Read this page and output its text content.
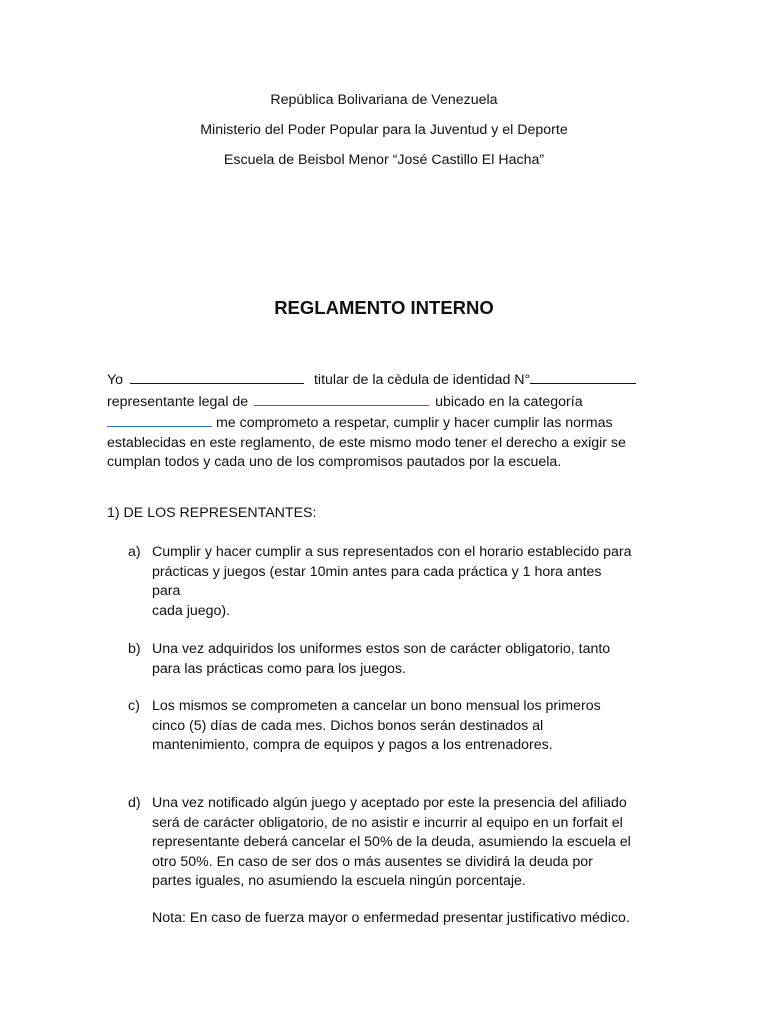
República Bolivariana de Venezuela
Ministerio del Poder Popular para la Juventud y el Deporte
Escuela de Beisbol Menor “José Castillo El Hacha”
REGLAMENTO INTERNO

Yo	titular de la cèdula de identidad N°

representante legal de	ubicado en la categoría

me comprometo a respetar, cumplir y hacer cumplir las normas

establecidas en este reglamento, de este mismo modo tener el derecho a exigir se

cumplan todos y cada uno de los compromisos pautados por la escuela.

1) DE LOS REPRESENTANTES:
a) Cumplir y hacer cumplir a sus representados con el horario establecido para
prácticas y juegos (estar 10min antes para cada práctica y 1 hora antes
para
cada juego).
b) Una vez adquiridos los uniformes estos son de carácter obligatorio, tanto
para las prácticas como para los juegos.
c) Los mismos se comprometen a cancelar un bono mensual los primeros
cinco (5) días de cada mes. Dichos bonos serán destinados al
mantenimiento, compra de equipos y pagos a los entrenadores.
d) Una vez notificado algún juego y aceptado por este la presencia del afiliado
será de carácter obligatorio, de no asistir e incurrir al equipo en un forfait el
representante deberá cancelar el 50% de la deuda, asumiendo la escuela el
otro 50%. En caso de ser dos o más ausentes se dividirá la deuda por
partes iguales, no asumiendo la escuela ningún porcentaje.
Nota: En caso de fuerza mayor o enfermedad presentar justificativo médico.
